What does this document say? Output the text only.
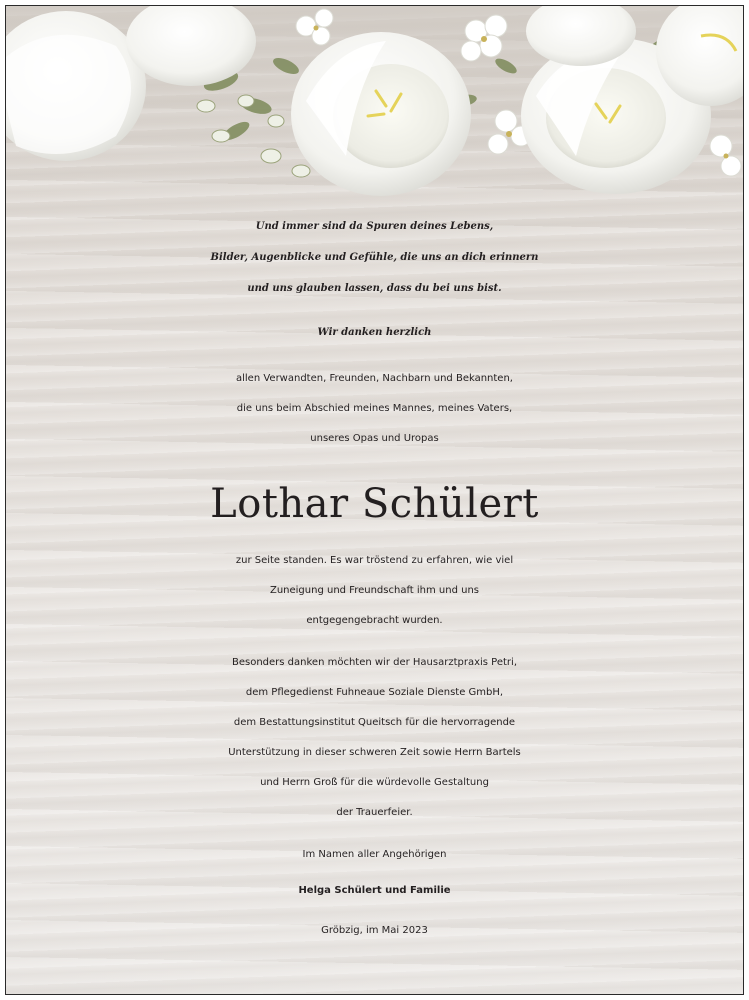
Und immer sind da Spuren deines Lebens,
Bilder, Augenblicke und Gefühle, die uns an dich erinnern
und uns glauben lassen, dass du bei uns bist.

Wir danken herzlich

allen Verwandten, Freunden, Nachbarn und Bekannten,
die uns beim Abschied meines Mannes, meines Vaters,
unseres Opas und Uropas

Lothar Schülert

zur Seite standen. Es war tröstend zu erfahren, wie viel
Zuneigung und Freundschaft ihm und uns
entgegengebracht wurden.

Besonders danken möchten wir der Hausarztpraxis Petri,
dem Pflegedienst Fuhneaue Soziale Dienste GmbH,
dem Bestattungsinstitut Queitsch für die hervorragende
Unterstützung in dieser schweren Zeit sowie Herrn Bartels
und Herrn Groß für die würdevolle Gestaltung
der Trauerfeier.

Im Namen aller Angehörigen

Helga Schülert und Familie

Gröbzig, im Mai 2023
